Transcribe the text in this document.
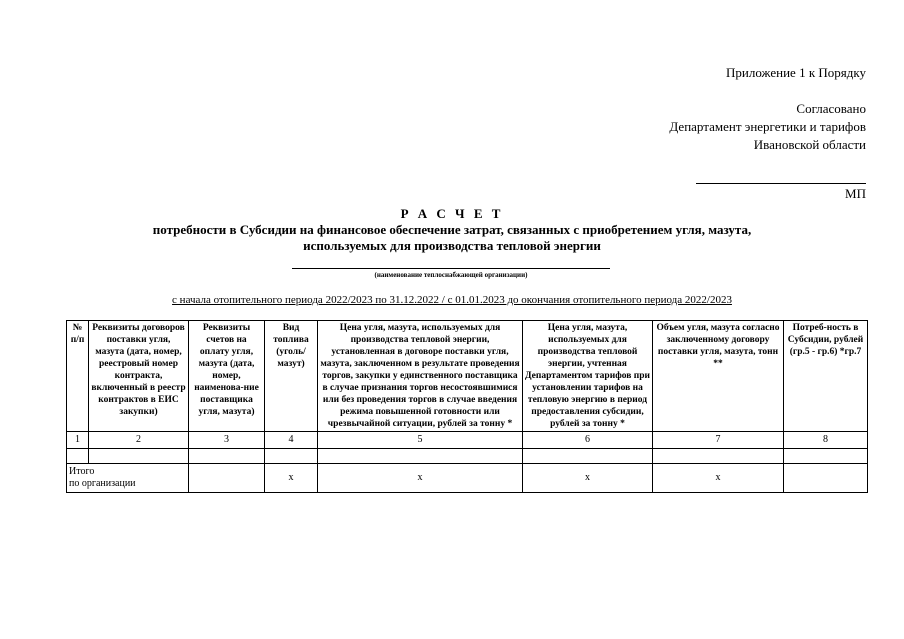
Приложение 1 к Порядку
Согласовано
Департамент энергетики и тарифов
Ивановской области
МП
Р А С Ч Е Т
потребности в Субсидии на финансовое обеспечение затрат, связанных с приобретением угля, мазута,
используемых для производства тепловой энергии
(наименование теплоснабжающей организации)
с начала отопительного периода 2022/2023 по 31.12.2022 / с 01.01.2023 до окончания отопительного периода 2022/2023
№ п/п	Реквизиты договоров поставки угля, мазута (дата, номер, реестровый номер контракта, включенный в реестр контрактов в ЕИС закупки)	Реквизиты счетов на оплату угля, мазута (дата, номер, наименова-ние поставщика угля, мазута)	Вид топлива (уголь/ мазут)	Цена угля, мазута, используемых для производства тепловой энергии, установленная в договоре поставки угля, мазута, заключенном в результате проведения торгов, закупки у единственного поставщика в случае признания торгов несостоявшимися или без проведения торгов в случае введения режима повышенной готовности или чрезвычайной ситуации, рублей за тонну *	Цена угля, мазута, используемых для производства тепловой энергии, учтенная Департаментом тарифов при установлении тарифов на тепловую энергию в период предоставления субсидии, рублей за тонну *	Объем угля, мазута согласно заключенному договору поставки угля, мазута, тонн **	Потреб-ность в Субсидии, рублей (гр.5 - гр.6) *гр.7
1	2	3	4	5	6	7	8

Итого
по организации			x	x	x	x	
